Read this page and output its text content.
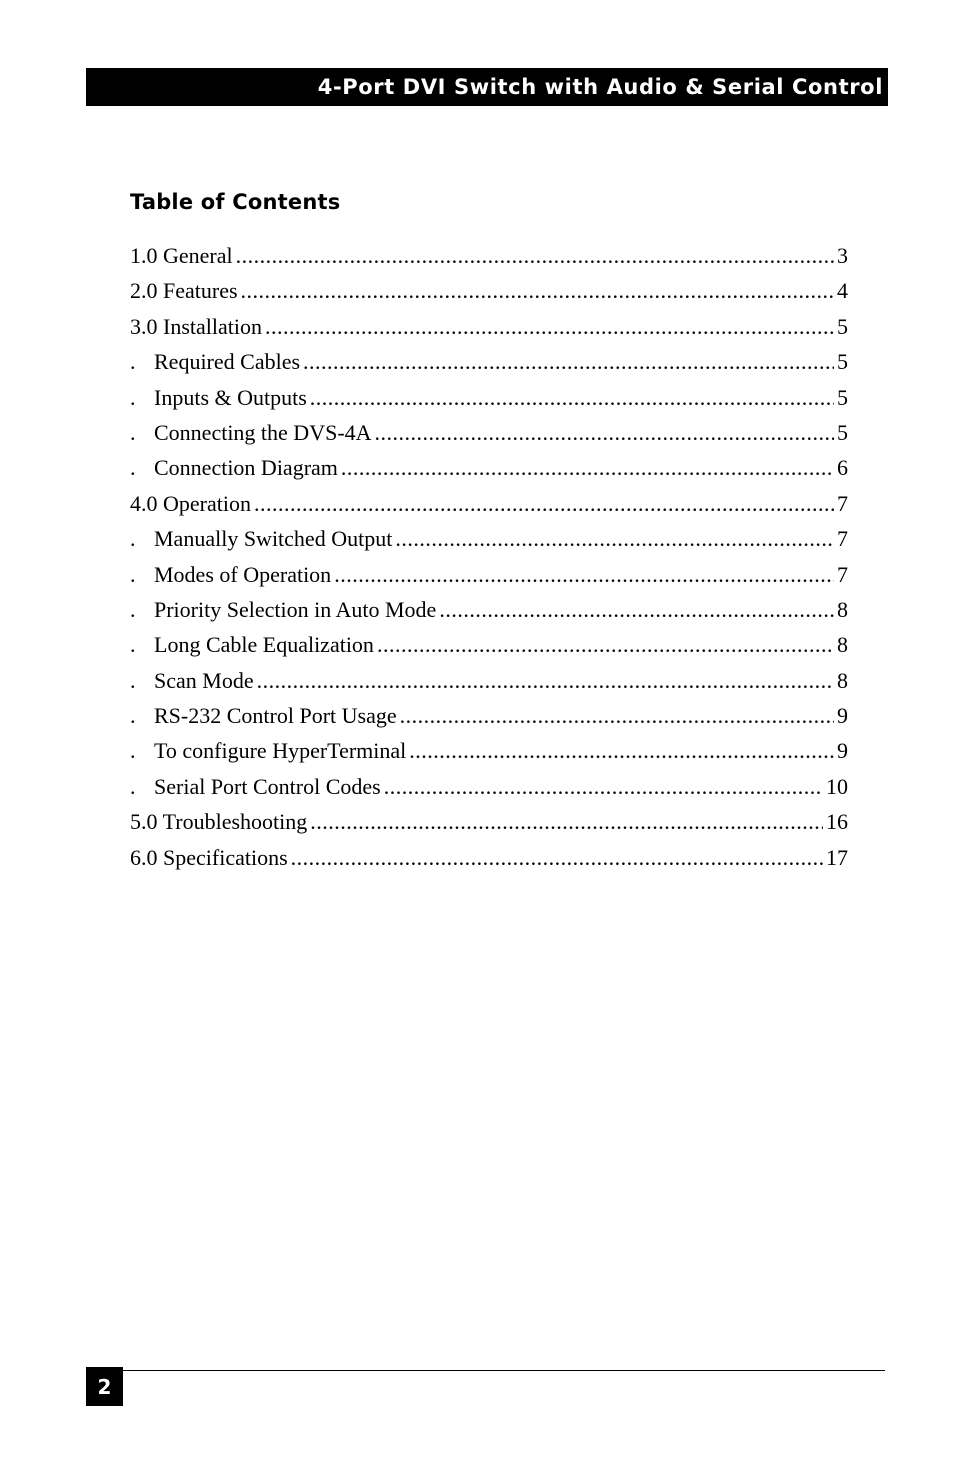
4-Port DVI Switch with Audio & Serial Control
Table of Contents
1.0 General .....	3
2.0 Features .....	4
3.0 Installation .....	5
. Required Cables .....	5
. Inputs & Outputs .....	5
. Connecting the DVS-4A .....	5
. Connection Diagram .....	6
4.0 Operation .....	7
. Manually Switched Output .....	7
. Modes of Operation .....	7
. Priority Selection in Auto Mode .....	8
. Long Cable Equalization .....	8
. Scan Mode .....	8
. RS-232 Control Port Usage .....	9
. To configure HyperTerminal .....	9
. Serial Port Control Codes .....	10
5.0 Troubleshooting .....	16
6.0 Specifications .....	17
2
